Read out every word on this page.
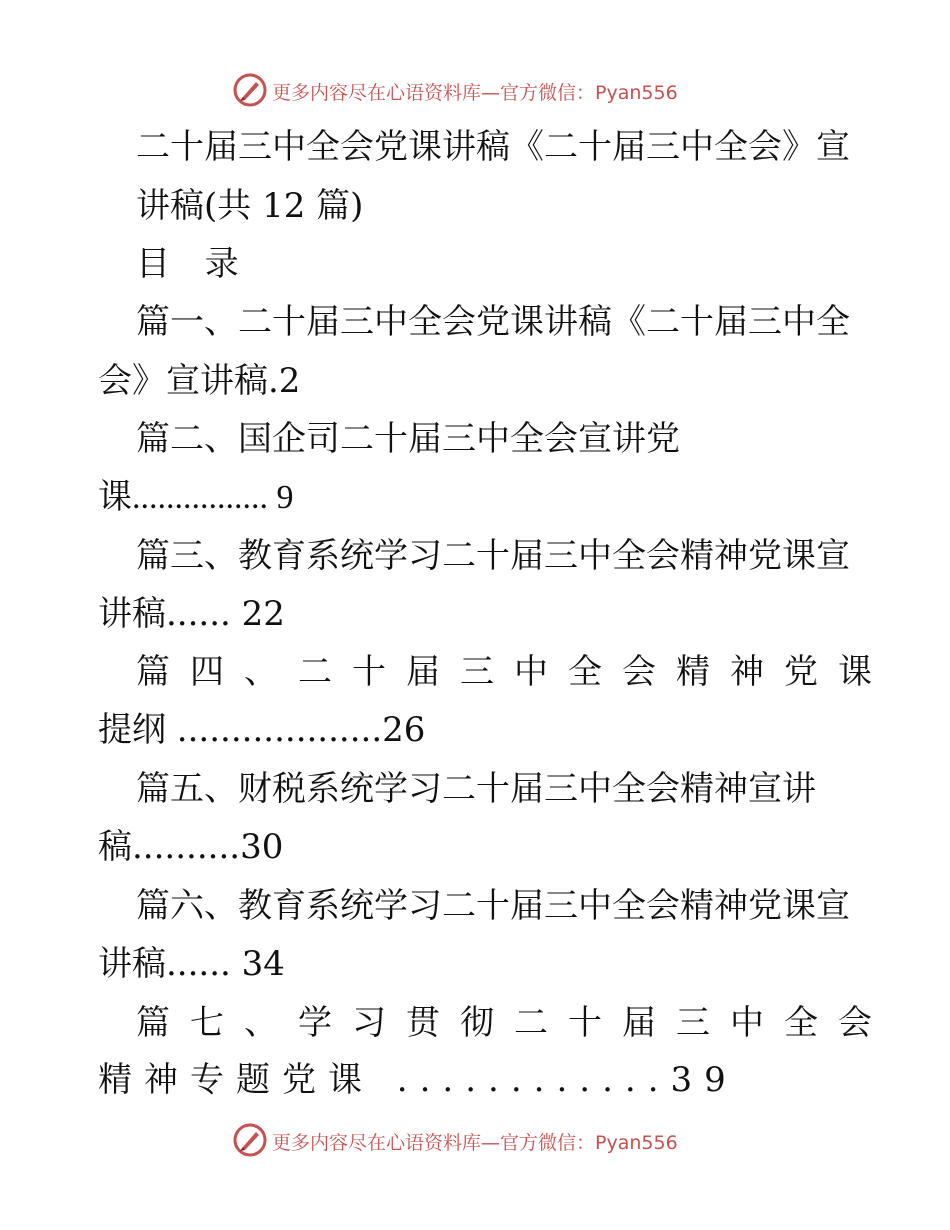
更多内容尽在心语资料库—官方微信：Pyan556
二十届三中全会党课讲稿《二十届三中全会》宣
讲稿(共 12 篇)
目 录
篇一、二十届三中全会党课讲稿《二十届三中全
会》宣讲稿.2
篇二、国企司二十届三中全会宣讲党
课................ 9
篇三、教育系统学习二十届三中全会精神党课宣
讲稿...... 22
篇四、二十届三中全会精神党课
提纲 ...................26
篇五、财税系统学习二十届三中全会精神宣讲
稿..........30
篇六、教育系统学习二十届三中全会精神党课宣
讲稿...... 34
篇七、学习贯彻二十届三中全会
精神专题党课 ............39
更多内容尽在心语资料库—官方微信：Pyan556
